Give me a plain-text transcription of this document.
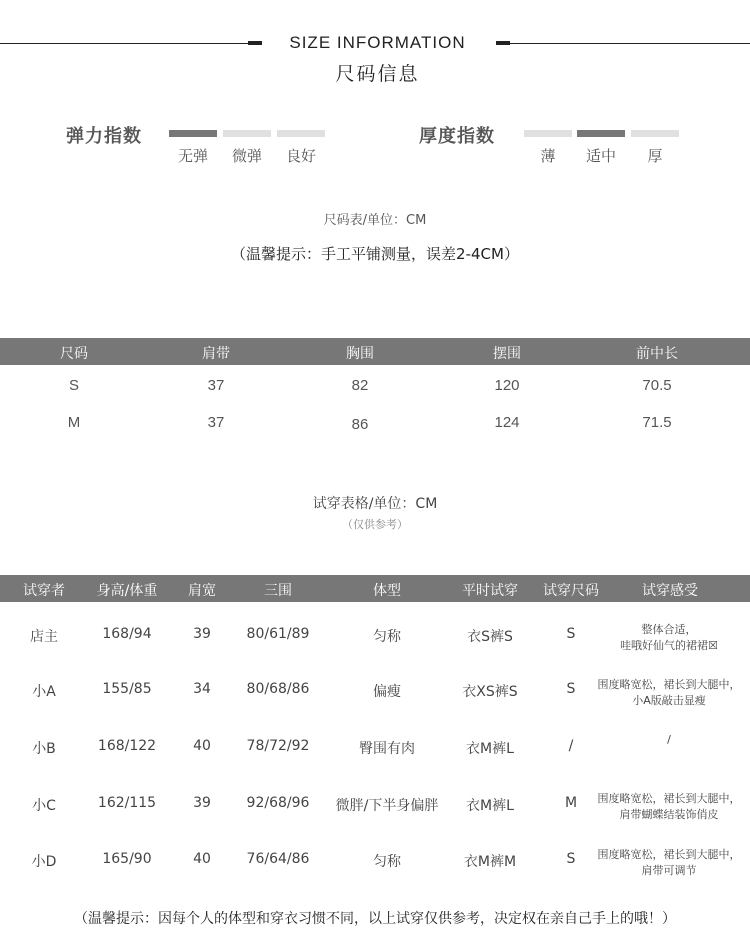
SIZE INFORMATION
尺码信息
弹力指数
无弹	微弹	良好
厚度指数
薄	适中	厚
尺码表/单位：CM
（温馨提示：手工平铺测量，误差2-4CM）
尺码	肩带	胸围	摆围	前中长
S	37	82	120	70.5
M	37	86	124	71.5
试穿表格/单位：CM
（仅供参考）
试穿者	身高/体重	肩宽	三围	体型	平时试穿	试穿尺码	试穿感受
店主	168/94	39	80/61/89	匀称	衣S裤S	S	整体合适，
哇哦好仙气的裙裙☒
小A	155/85	34	80/68/86	偏瘦	衣XS裤S	S	围度略宽松，裙长到大腿中，
小A版敲击显瘦
小B	168/122	40	78/72/92	臀围有肉	衣M裤L	/	/
小C	162/115	39	92/68/96	微胖/下半身偏胖	衣M裤L	M	围度略宽松，裙长到大腿中，
肩带蝴蝶结装饰俏皮
小D	165/90	40	76/64/86	匀称	衣M裤M	S	围度略宽松，裙长到大腿中，
肩带可调节
（温馨提示：因每个人的体型和穿衣习惯不同，以上试穿仅供参考，决定权在亲自己手上的哦！）
